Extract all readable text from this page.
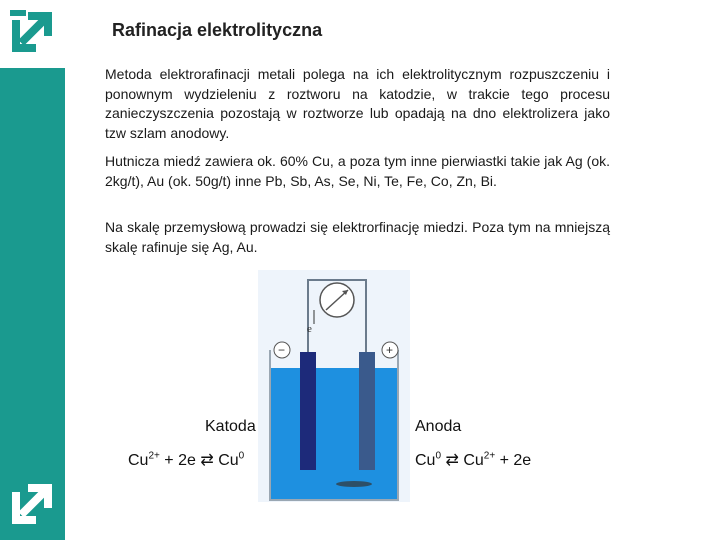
Rafinacja elektrolityczna
Metoda elektrorafinacji metali polega na ich elektrolitycznym rozpuszczeniu i ponownym wydzieleniu z roztworu na katodzie, w trakcie tego procesu zanieczyszczenia pozostają w roztworze lub opadają na dno elektrolizera jako tzw szlam anodowy.
Hutnicza miedź zawiera ok. 60% Cu, a poza tym inne pierwiastki takie jak Ag (ok. 2kg/t), Au (ok. 50g/t) inne Pb, Sb, As, Se, Ni, Te, Fe, Co, Zn, Bi.
Na skalę przemysłową prowadzi się elektrorfinację miedzi. Poza tym na mniejszą skalę rafinuje się Ag, Au.
e
−	+
Katoda	Anoda
$Cu^{2+} + 2e$ ⇄ Cu$^0$	Cu$^0$ ⇄ $Cu^{2+} + 2e$
